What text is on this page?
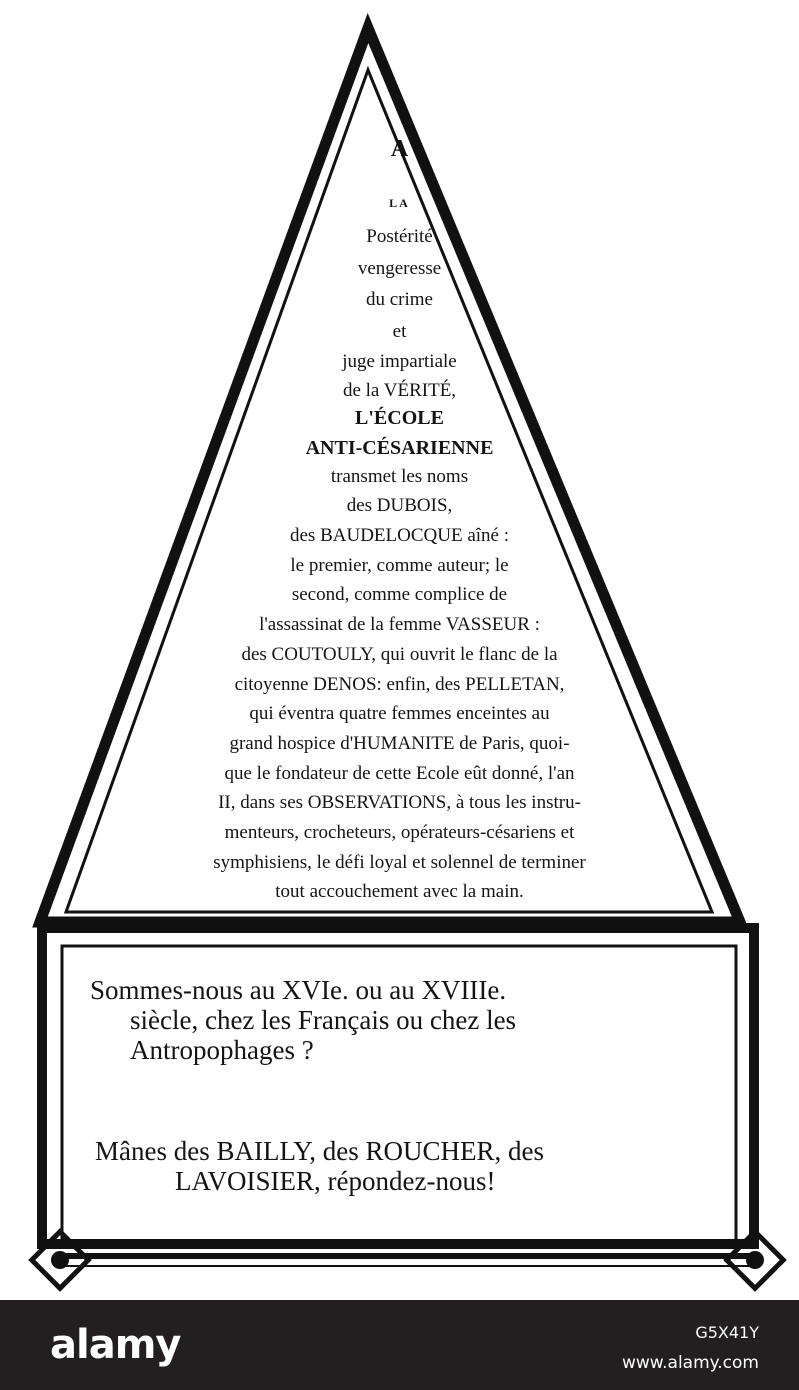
A
LA
Postérité
vengeresse
du crime
et
juge impartiale
de la VÉRITÉ,
L'ÉCOLE
ANTI-CÉSARIENNE
transmet les noms
des DUBOIS,
des BAUDELOCQUE aîné :
le premier, comme auteur; le
second, comme complice de
l'assassinat de la femme VASSEUR :
des COUTOULY, qui ouvrit le flanc de la
citoyenne DENOS: enfin, des PELLETAN,
qui éventra quatre femmes enceintes au
grand hospice d'HUMANITE de Paris, quoi-
que le fondateur de cette Ecole eût donné, l'an
II, dans ses OBSERVATIONS, à tous les instru-
menteurs, crocheteurs, opérateurs-césariens et
symphisiens, le défi loyal et solennel de terminer
tout accouchement avec la main.
Sommes-nous au XVIe. ou au XVIIIe.
siècle, chez les Français ou chez les
Antropophages ?
Mânes des BAILLY, des ROUCHER, des
LAVOISIER, répondez-nous!
alamy	G5X41Y
www.alamy.com
